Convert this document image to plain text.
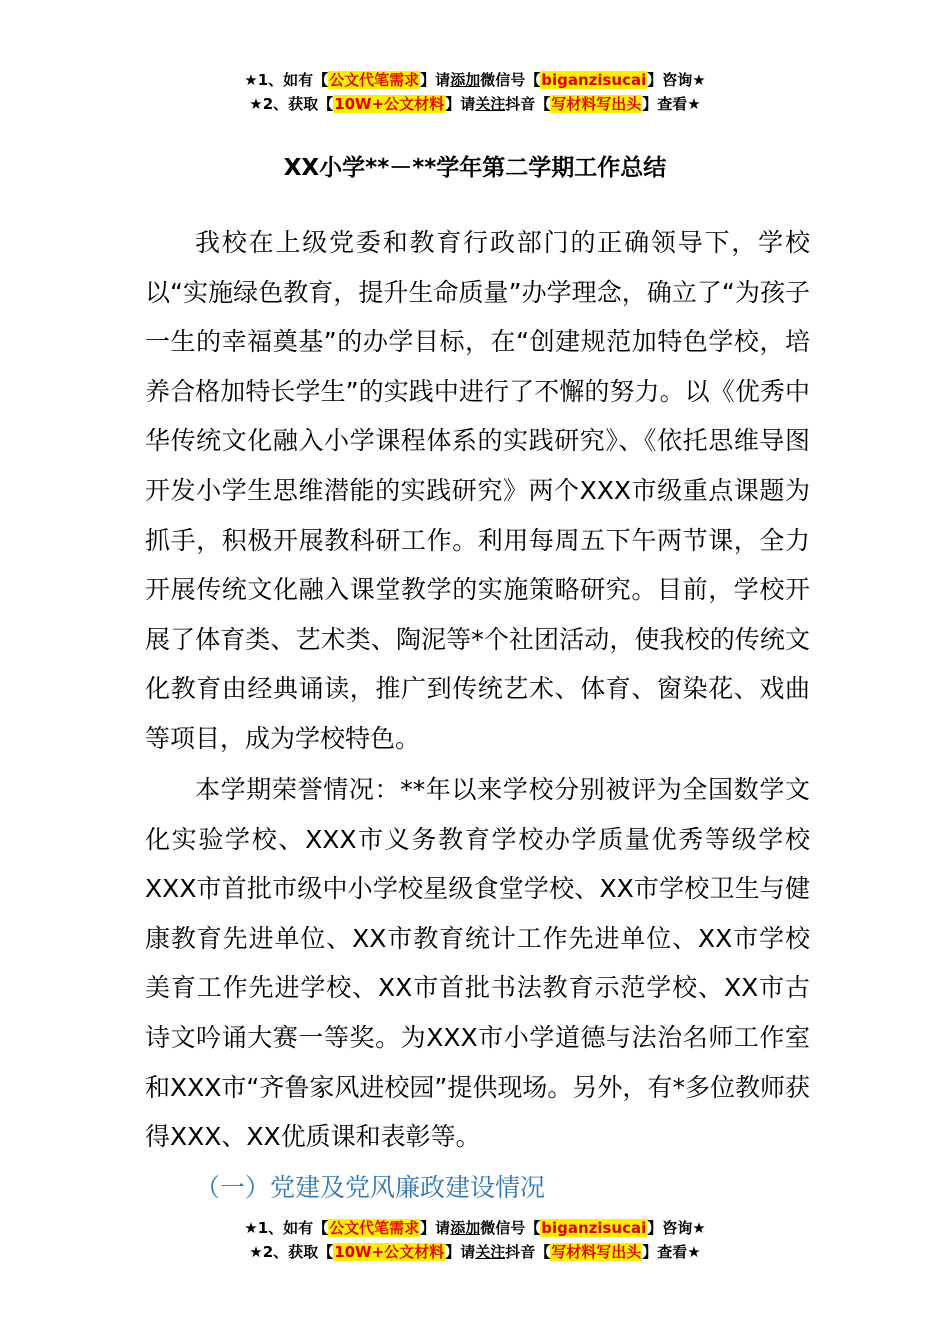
★1、如有【公文代笔需求】请添加微信号【biganzisucai】咨询★
★2、获取【10W+公文材料】请关注抖音【写材料写出头】查看★
XX小学**－**学年第二学期工作总结

我校在上级党委和教育行政部门的正确领导下，学校以“实施绿色教育，提升生命质量”办学理念，确立了“为孩子一生的幸福奠基”的办学目标，在“创建规范加特色学校，培养合格加特长学生”的实践中进行了不懈的努力。以《优秀中华传统文化融入小学课程体系的实践研究》、《依托思维导图开发小学生思维潜能的实践研究》两个XXX市级重点课题为抓手，积极开展教科研工作。利用每周五下午两节课，全力开展传统文化融入课堂教学的实施策略研究。目前，学校开展了体育类、艺术类、陶泥等*个社团活动，使我校的传统文化教育由经典诵读，推广到传统艺术、体育、窗染花、戏曲等项目，成为学校特色。

本学期荣誉情况：**年以来学校分别被评为全国数学文化实验学校、XXX市义务教育学校办学质量优秀等级学校XXX市首批市级中小学校星级食堂学校、XX市学校卫生与健康教育先进单位、XX市教育统计工作先进单位、XX市学校美育工作先进学校、XX市首批书法教育示范学校、XX市古诗文吟诵大赛一等奖。为XXX市小学道德与法治名师工作室和XXX市“齐鲁家风进校园”提供现场。另外，有*多位教师获得XXX、XX优质课和表彰等。

（一）党建及党风廉政建设情况
★1、如有【公文代笔需求】请添加微信号【biganzisucai】咨询★
★2、获取【10W+公文材料】请关注抖音【写材料写出头】查看★
